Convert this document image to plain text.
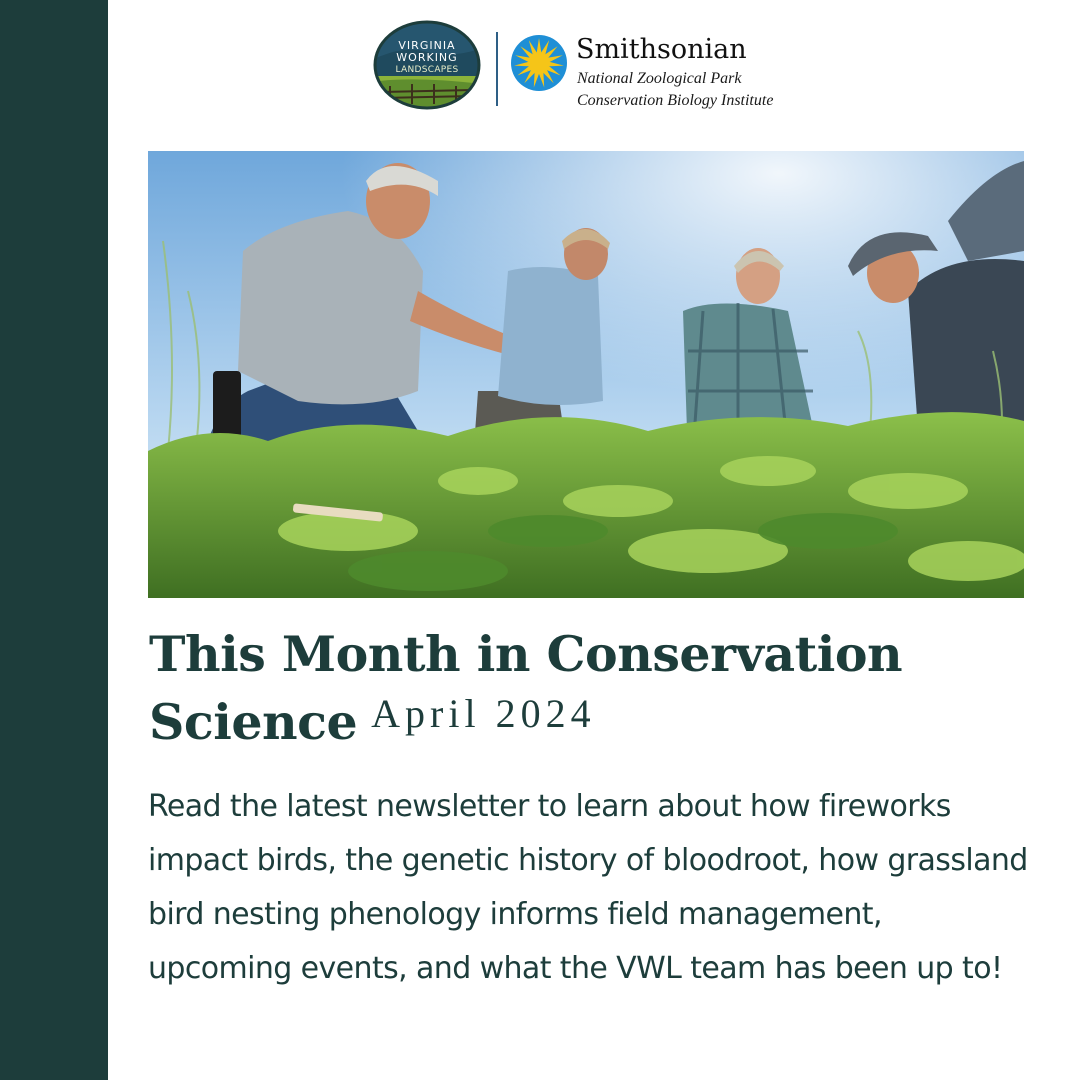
VIRGINIA
WORKING
LANDSCAPES
Smithsonian
National Zoological Park
Conservation Biology Institute
This Month in Conservation Science $^{April 2024}$
Read the latest newsletter to learn about how fireworks impact birds, the genetic history of bloodroot, how grassland bird nesting phenology informs field management, upcoming events, and what the VWL team has been up to!
